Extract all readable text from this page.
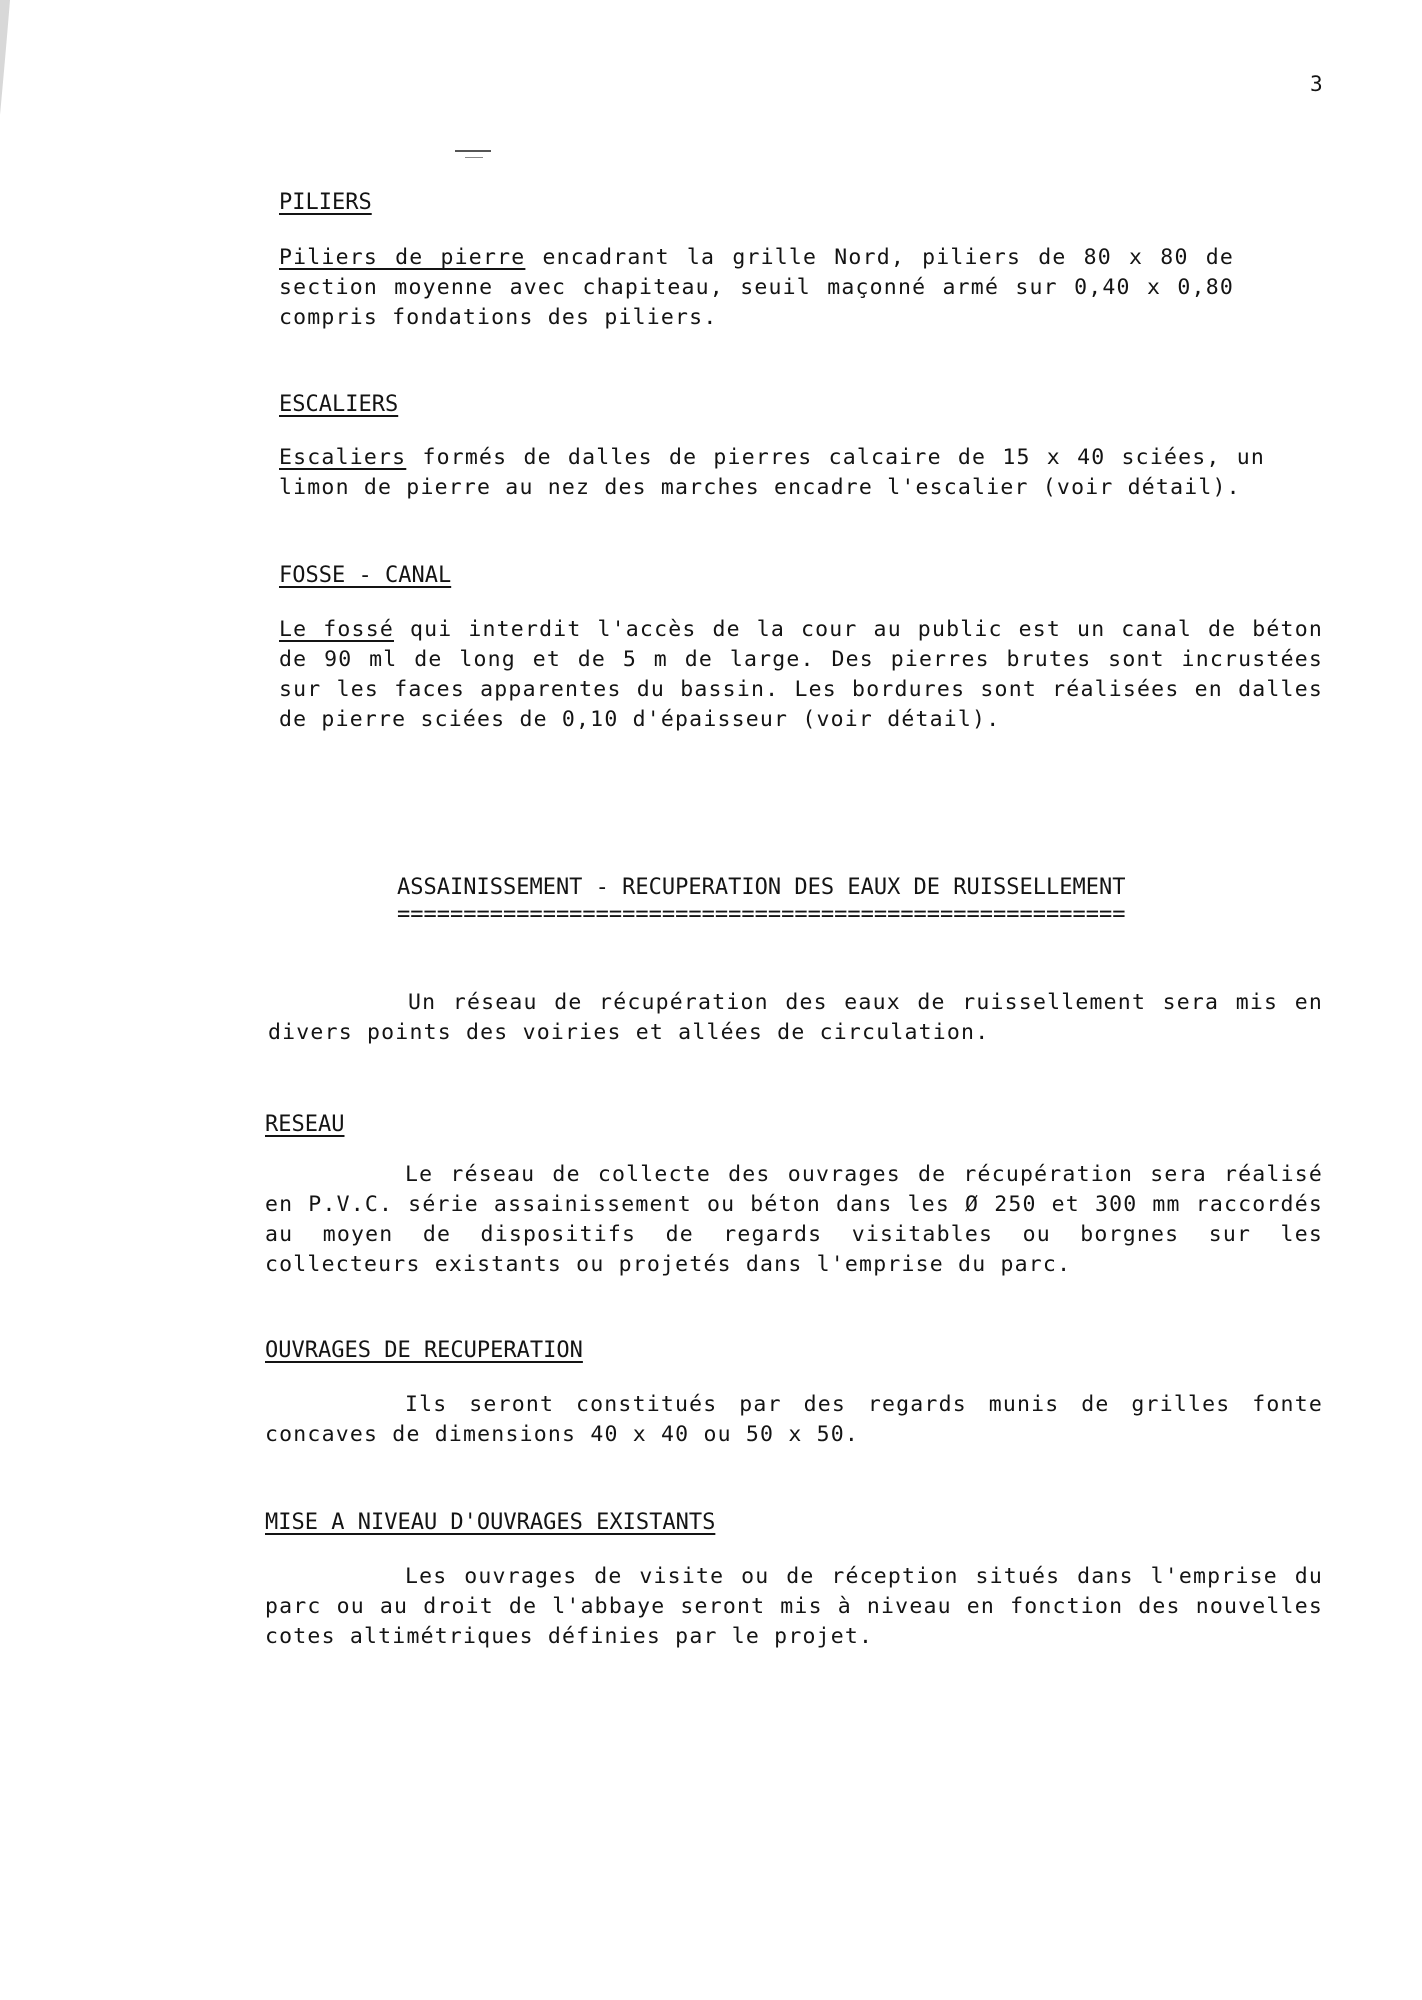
3
PILIERS
Piliers de pierre encadrant la grille Nord, piliers de 80 x 80 de section moyenne avec chapiteau, seuil maçonné armé sur 0,40 x 0,80 compris fondations des piliers.
ESCALIERS
Escaliers formés de dalles de pierres calcaire de 15 x 40 sciées, un limon de pierre au nez des marches encadre l'escalier (voir détail).
FOSSE - CANAL
Le fossé qui interdit l'accès de la cour au public est un canal de béton de 90 ml de long et de 5 m de large. Des pierres brutes sont incrustées sur les faces apparentes du bassin. Les bordures sont réalisées en dalles de pierre sciées de 0,10 d'épaisseur (voir détail).
ASSAINISSEMENT - RECUPERATION DES EAUX DE RUISSELLEMENT
=======================================================
Un réseau de récupération des eaux de ruissellement sera mis en divers points des voiries et allées de circulation.
RESEAU
Le réseau de collecte des ouvrages de récupération sera réalisé en P.V.C. série assainissement ou béton dans les Ø 250 et 300 mm raccordés au moyen de dispositifs de regards visitables ou borgnes sur les collecteurs existants ou projetés dans l'emprise du parc.
OUVRAGES DE RECUPERATION
Ils seront constitués par des regards munis de grilles fonte concaves de dimensions 40 x 40 ou 50 x 50.
MISE A NIVEAU D'OUVRAGES EXISTANTS
Les ouvrages de visite ou de réception situés dans l'emprise du parc ou au droit de l'abbaye seront mis à niveau en fonction des nouvelles cotes altimétriques définies par le projet.
